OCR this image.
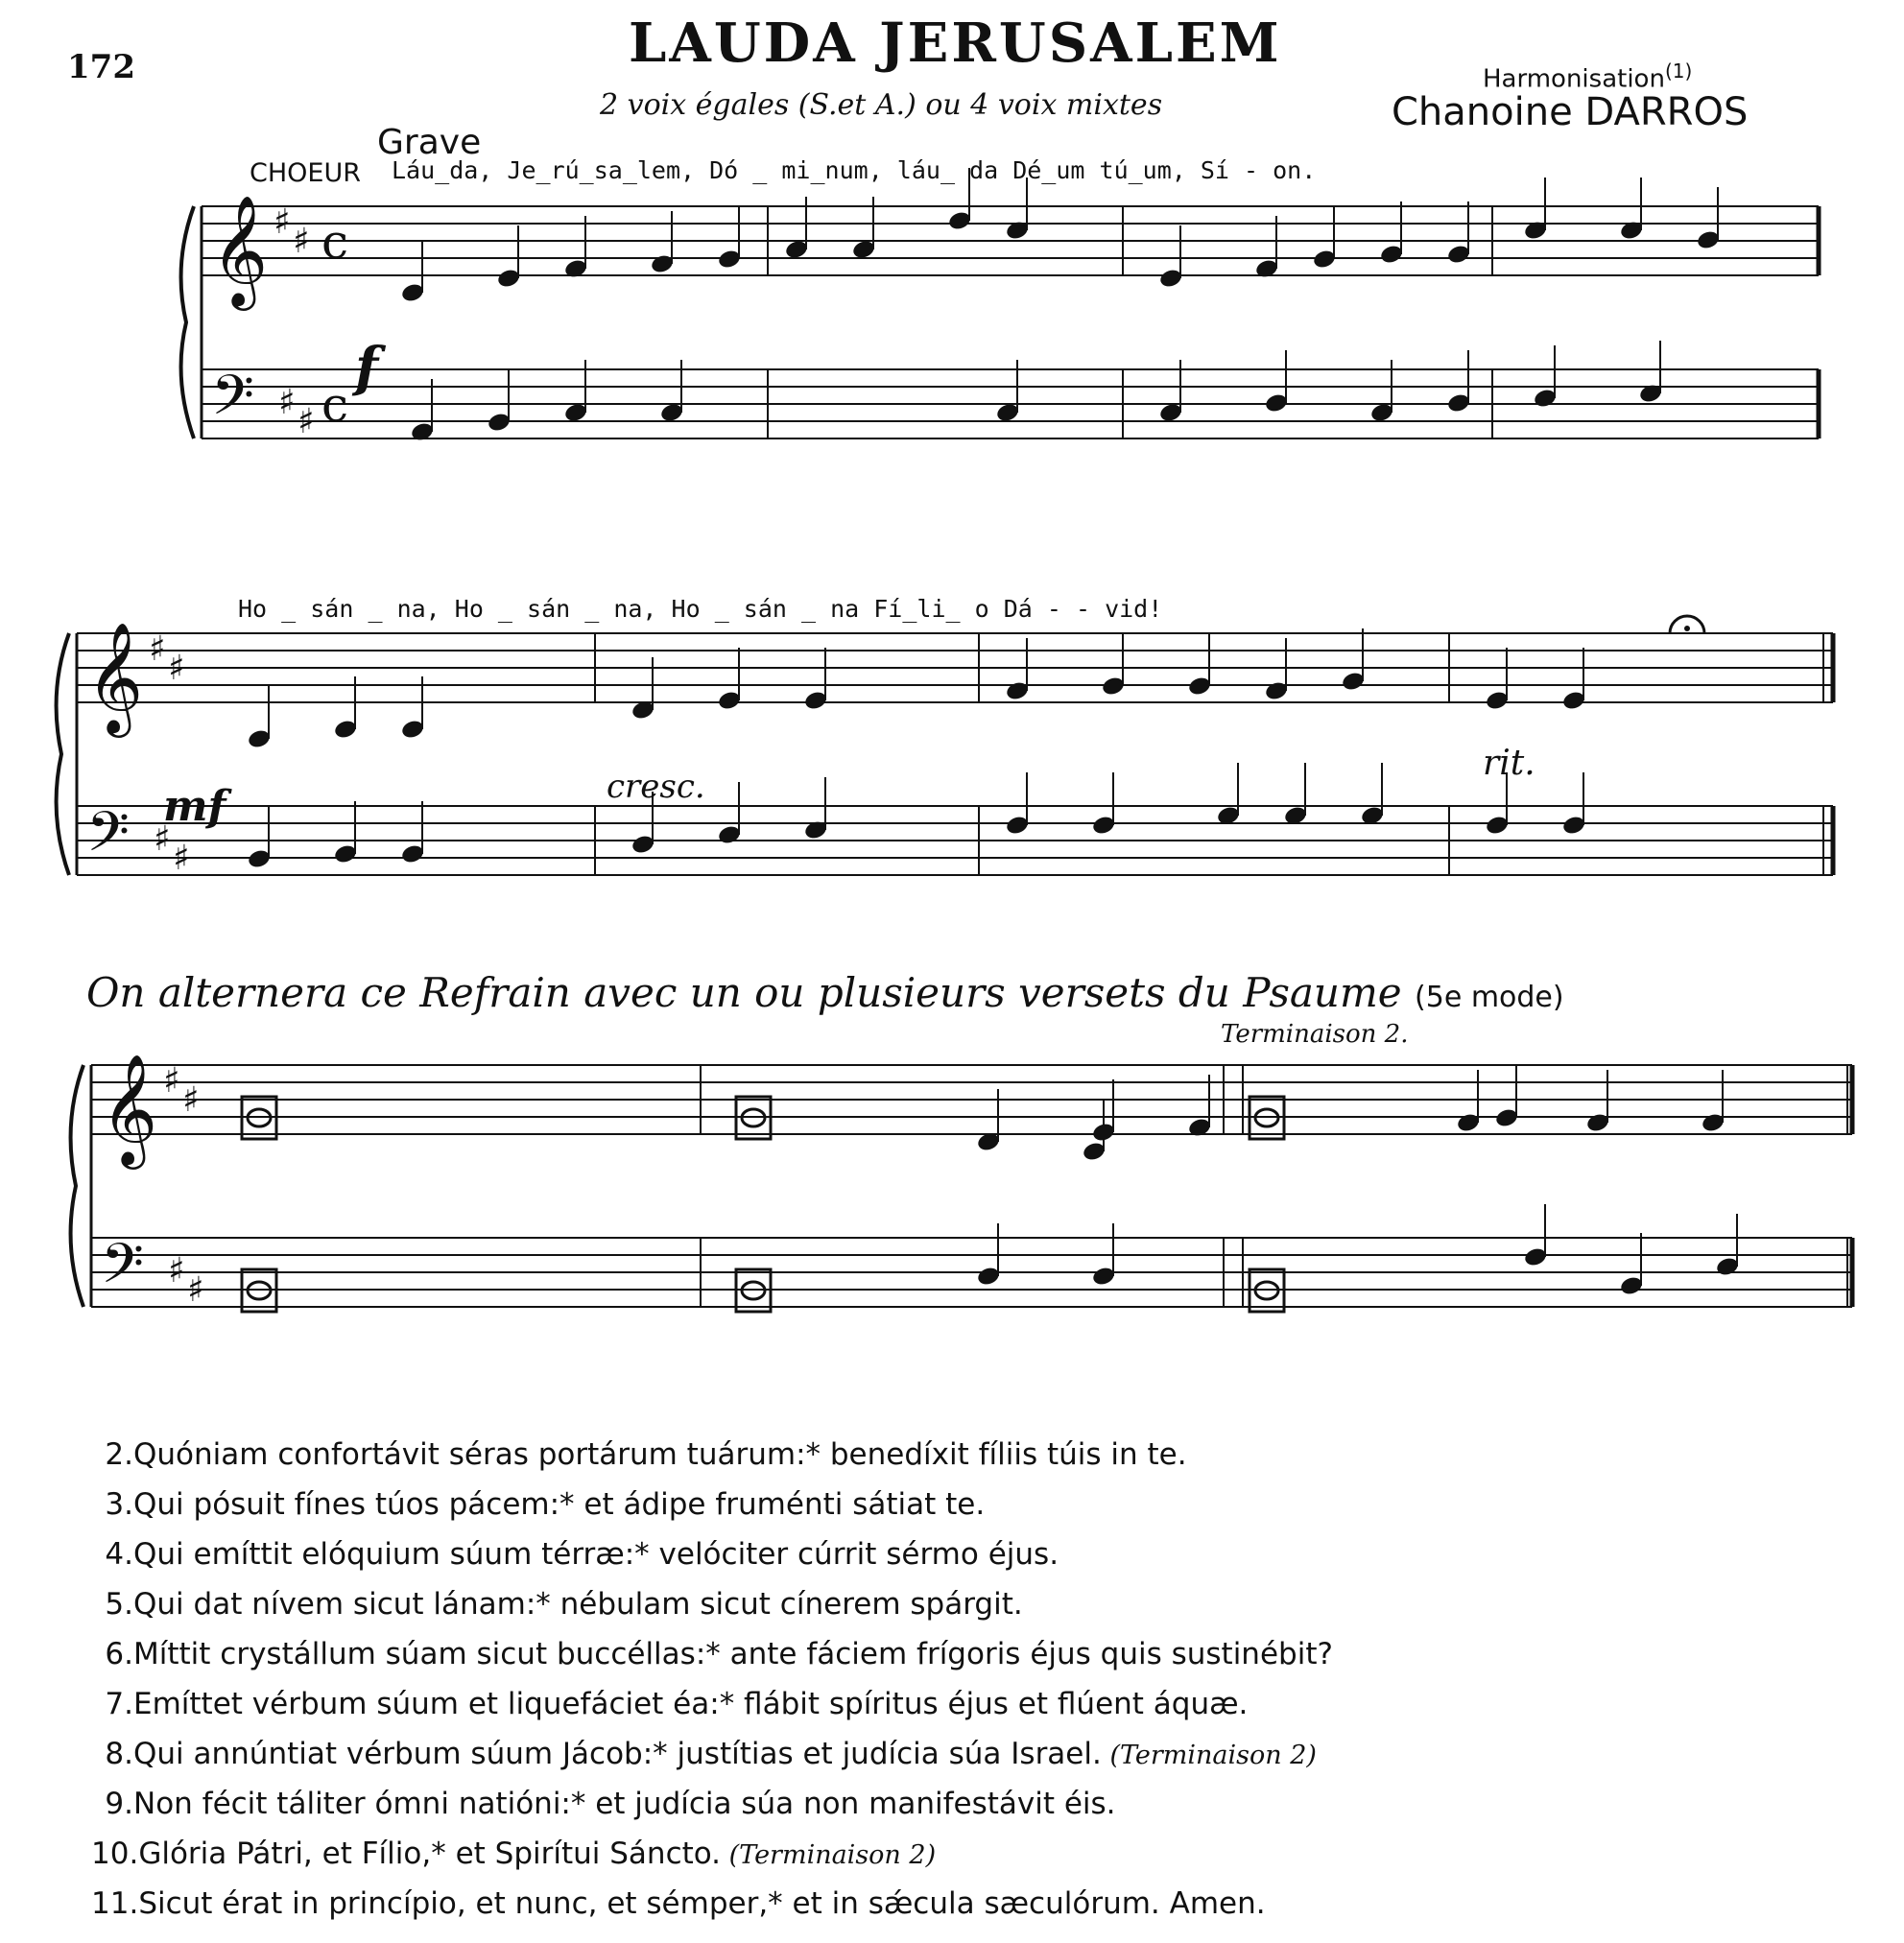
172	LAUDA JERUSALEM
2 voix égales (S.et A.) ou 4 voix mixtes
Harmonisation$^{(1)}$
Chanoine DARROS
CHOEUR
Grave
Láu_da, Je_rú_sa_lem, Dó _ mi_num, láu_ da Dé_um tú_um, Sí - on.
Ho _ sán _ na, Ho _ sán _ na, Ho _ sán _ na Fí_li_ o Dá - - vid!
f
mf	cresc.
rit.
On alternera ce Refrain avec un ou plusieurs versets du Psaume (5e mode)
Terminaison 2.
𝄞
𝄢
♯ ♯
♯ ♯
c
c
𝄞
𝄢
♯ ♯
♯ ♯
𝄞
𝄢
♯ ♯
♯ ♯
2.Quóniam confortávit séras portárum tuárum:* benedíxit fíliis túis in te.
3.Qui pósuit fínes túos pácem:* et ádipe fruménti sátiat te.
4.Qui emíttit elóquium súum térræ:* velóciter cúrrit sérmo éjus.
5.Qui dat nívem sicut lánam:* nébulam sicut cínerem spárgit.
6.Míttit crystállum súam sicut buccéllas:* ante fáciem frígoris éjus quis sustinébit?
7.Emíttet vérbum súum et liquefáciet éa:* flábit spíritus éjus et flúent áquæ.
8.Qui annúntiat vérbum súum Jácob:* justítias et judícia súa Israel. (Terminaison 2)
9.Non fécit táliter ómni natióni:* et judícia súa non manifestávit éis.
10.Glória Pátri, et Fílio,* et Spirítui Sáncto. (Terminaison 2)
11.Sicut érat in princípio, et nunc, et sémper,* et in sǽcula sæculórum. Amen.
